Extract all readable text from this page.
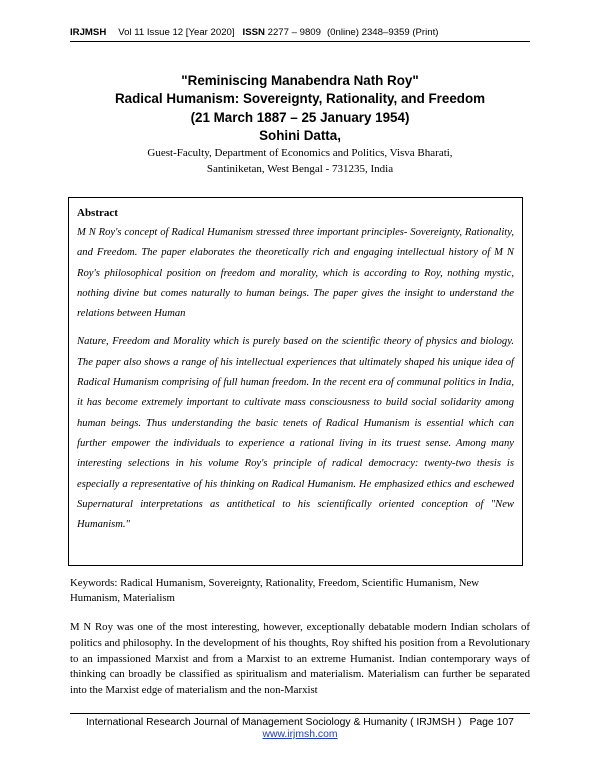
IRJMSH Vol 11 Issue 12 [Year 2020] ISSN 2277 – 9809 (0nline) 2348–9359 (Print)
"Reminiscing Manabendra Nath Roy"
Radical Humanism: Sovereignty, Rationality, and Freedom
(21 March 1887 – 25 January 1954)
Sohini Datta,
Guest-Faculty, Department of Economics and Politics, Visva Bharati,
Santiniketan, West Bengal - 731235, India
Abstract

M N Roy's concept of Radical Humanism stressed three important principles- Sovereignty, Rationality, and Freedom. The paper elaborates the theoretically rich and engaging intellectual history of M N Roy's philosophical position on freedom and morality, which is according to Roy, nothing mystic, nothing divine but comes naturally to human beings. The paper gives the insight to understand the relations between Human

Nature, Freedom and Morality which is purely based on the scientific theory of physics and biology. The paper also shows a range of his intellectual experiences that ultimately shaped his unique idea of Radical Humanism comprising of full human freedom. In the recent era of communal politics in India, it has become extremely important to cultivate mass consciousness to build social solidarity among human beings. Thus understanding the basic tenets of Radical Humanism is essential which can further empower the individuals to experience a rational living in its truest sense. Among many interesting selections in his volume Roy's principle of radical democracy: twenty-two thesis is especially a representative of his thinking on Radical Humanism. He emphasized ethics and eschewed Supernatural interpretations as antithetical to his scientifically oriented conception of "New Humanism."

Keywords: Radical Humanism, Sovereignty, Rationality, Freedom, Scientific Humanism, New Humanism, Materialism
M N Roy was one of the most interesting, however, exceptionally debatable modern Indian scholars of politics and philosophy. In the development of his thoughts, Roy shifted his position from a Revolutionary to an impassioned Marxist and from a Marxist to an extreme Humanist. Indian contemporary ways of thinking can broadly be classified as spiritualism and materialism. Materialism can further be separated into the Marxist edge of materialism and the non-Marxist
International Research Journal of Management Sociology & Humanity ( IRJMSH ) Page 107
www.irjmsh.com
